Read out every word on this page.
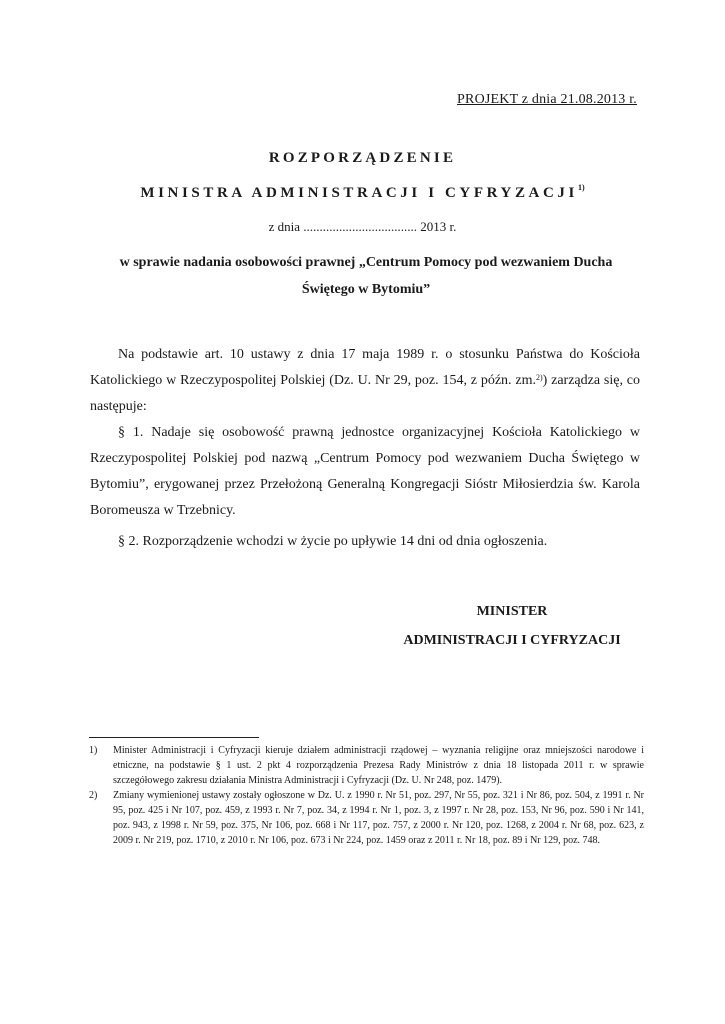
PROJEKT z dnia 21.08.2013 r.
ROZPORZĄDZENIE
MINISTRA ADMINISTRACJI I CYFRYZACJI$^{1)}$
z dnia ................................... 2013 r.
w sprawie nadania osobowości prawnej „Centrum Pomocy pod wezwaniem Ducha Świętego w Bytomiu”
Na podstawie art. 10 ustawy z dnia 17 maja 1989 r. o stosunku Państwa do Kościoła Katolickiego w Rzeczypospolitej Polskiej (Dz. U. Nr 29, poz. 154, z późn. zm.$^{2)}$) zarządza się, co następuje:
§ 1. Nadaje się osobowość prawną jednostce organizacyjnej Kościoła Katolickiego w Rzeczypospolitej Polskiej pod nazwą „Centrum Pomocy pod wezwaniem Ducha Świętego w Bytomiu”, erygowanej przez Przełożoną Generalną Kongregacji Sióstr Miłosierdzia św. Karola Boromeusza w Trzebnicy.
§ 2. Rozporządzenie wchodzi w życie po upływie 14 dni od dnia ogłoszenia.
MINISTER
ADMINISTRACJI I CYFRYZACJI
1)	Minister Administracji i Cyfryzacji kieruje działem administracji rządowej – wyznania religijne oraz mniejszości narodowe i etniczne, na podstawie § 1 ust. 2 pkt 4 rozporządzenia Prezesa Rady Ministrów z dnia 18 listopada 2011 r. w sprawie szczegółowego zakresu działania Ministra Administracji i Cyfryzacji (Dz. U. Nr 248, poz. 1479).
2)	Zmiany wymienionej ustawy zostały ogłoszone w Dz. U. z 1990 r. Nr 51, poz. 297, Nr 55, poz. 321 i Nr 86, poz. 504, z 1991 r. Nr 95, poz. 425 i Nr 107, poz. 459, z 1993 r. Nr 7, poz. 34, z 1994 r. Nr 1, poz. 3, z 1997 r. Nr 28, poz. 153, Nr 96, poz. 590 i Nr 141, poz. 943, z 1998 r. Nr 59, poz. 375, Nr 106, poz. 668 i Nr 117, poz. 757, z 2000 r. Nr 120, poz. 1268, z 2004 r. Nr 68, poz. 623, z 2009 r. Nr 219, poz. 1710, z 2010 r. Nr 106, poz. 673 i Nr 224, poz. 1459 oraz z 2011 r. Nr 18, poz. 89 i Nr 129, poz. 748.
